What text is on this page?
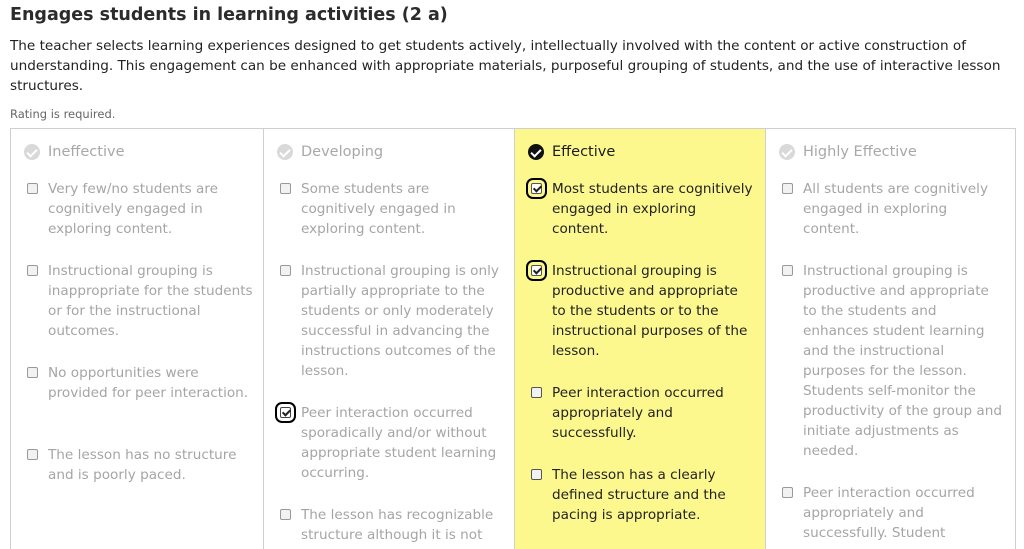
Engages students in learning activities (2 a)
The teacher selects learning experiences designed to get students actively, intellectually involved with the content or active construction of understanding. This engagement can be enhanced with appropriate materials, purposeful grouping of students, and the use of interactive lesson structures.
Rating is required.
Ineffective
Very few/no students are cognitively engaged in exploring content.
Instructional grouping is inappropriate for the students or for the instructional outcomes.
No opportunities were provided for peer interaction.
The lesson has no structure and is poorly paced.
Developing
Some students are cognitively engaged in exploring content.
Instructional grouping is only partially appropriate to the students or only moderately successful in advancing the instructions outcomes of the lesson.
Peer interaction occurred sporadically and/or without appropriate student learning occurring.
The lesson has recognizable structure although it is not
Effective
Most students are cognitively engaged in exploring content.
Instructional grouping is productive and appropriate to the students or to the instructional purposes of the lesson.
Peer interaction occurred appropriately and successfully.
The lesson has a clearly defined structure and the pacing is appropriate.
Highly Effective
All students are cognitively engaged in exploring content.
Instructional grouping is productive and appropriate to the students and enhances student learning and the instructional purposes for the lesson. Students self-monitor the productivity of the group and initiate adjustments as needed.
Peer interaction occurred appropriately and successfully. Student
